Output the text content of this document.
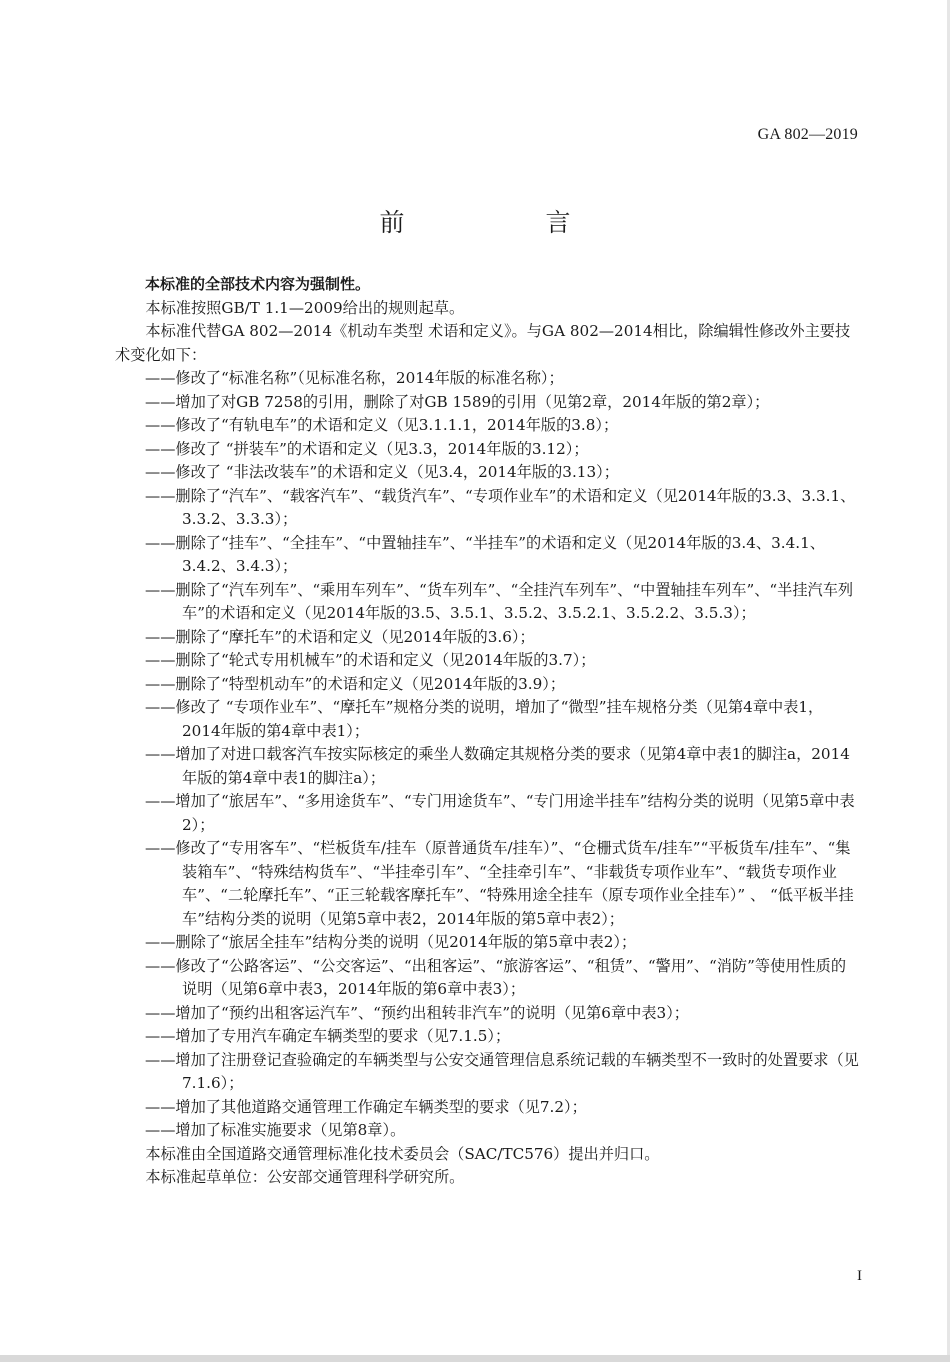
GA 802—2019
前　言

本标准的全部技术内容为强制性。

本标准按照GB/T 1.1—2009给出的规则起草。

本标准代替GA 802—2014《机动车类型 术语和定义》。与GA 802—2014相比，除编辑性修改外主要技术变化如下：

——修改了“标准名称”（见标准名称，2014年版的标准名称）；

——增加了对GB 7258的引用，删除了对GB 1589的引用（见第2章，2014年版的第2章）；

——修改了“有轨电车”的术语和定义（见3.1.1.1，2014年版的3.8）；

——修改了 “拼装车”的术语和定义（见3.3，2014年版的3.12）；

——修改了 “非法改装车”的术语和定义（见3.4，2014年版的3.13）；

——删除了“汽车”、“载客汽车”、“载货汽车”、“专项作业车”的术语和定义（见2014年版的3.3、3.3.1、3.3.2、3.3.3）；

——删除了“挂车”、“全挂车”、“中置轴挂车”、“半挂车”的术语和定义（见2014年版的3.4、3.4.1、3.4.2、3.4.3）；

——删除了“汽车列车”、“乘用车列车”、“货车列车”、“全挂汽车列车”、“中置轴挂车列车”、“半挂汽车列车”的术语和定义（见2014年版的3.5、3.5.1、3.5.2、3.5.2.1、3.5.2.2、3.5.3）；

——删除了“摩托车”的术语和定义（见2014年版的3.6）；

——删除了“轮式专用机械车”的术语和定义（见2014年版的3.7）；

——删除了“特型机动车”的术语和定义（见2014年版的3.9）；

——修改了 “专项作业车”、“摩托车”规格分类的说明，增加了“微型”挂车规格分类（见第4章中表1，2014年版的第4章中表1）；

——增加了对进口载客汽车按实际核定的乘坐人数确定其规格分类的要求（见第4章中表1的脚注a，2014年版的第4章中表1的脚注a）；

——增加了“旅居车”、“多用途货车”、“专门用途货车”、“专门用途半挂车”结构分类的说明（见第5章中表2）；

——修改了“专用客车”、“栏板货车/挂车（原普通货车/挂车）”、“仓栅式货车/挂车”“平板货车/挂车”、“集装箱车”、“特殊结构货车”、“半挂牵引车”、“全挂牵引车”、“非载货专项作业车”、“载货专项作业车”、“二轮摩托车”、“正三轮载客摩托车”、“特殊用途全挂车（原专项作业全挂车）” 、 “低平板半挂车”结构分类的说明（见第5章中表2，2014年版的第5章中表2）；

——删除了“旅居全挂车”结构分类的说明（见2014年版的第5章中表2）；

——修改了“公路客运”、“公交客运”、“出租客运”、“旅游客运”、“租赁”、“警用”、“消防”等使用性质的说明（见第6章中表3，2014年版的第6章中表3）；

——增加了“预约出租客运汽车”、“预约出租转非汽车”的说明（见第6章中表3）；

——增加了专用汽车确定车辆类型的要求（见7.1.5）；

——增加了注册登记查验确定的车辆类型与公安交通管理信息系统记载的车辆类型不一致时的处置要求（见7.1.6）；

——增加了其他道路交通管理工作确定车辆类型的要求（见7.2）；

——增加了标准实施要求（见第8章）。

本标准由全国道路交通管理标准化技术委员会（SAC/TC576）提出并归口。

本标准起草单位：公安部交通管理科学研究所。

I
